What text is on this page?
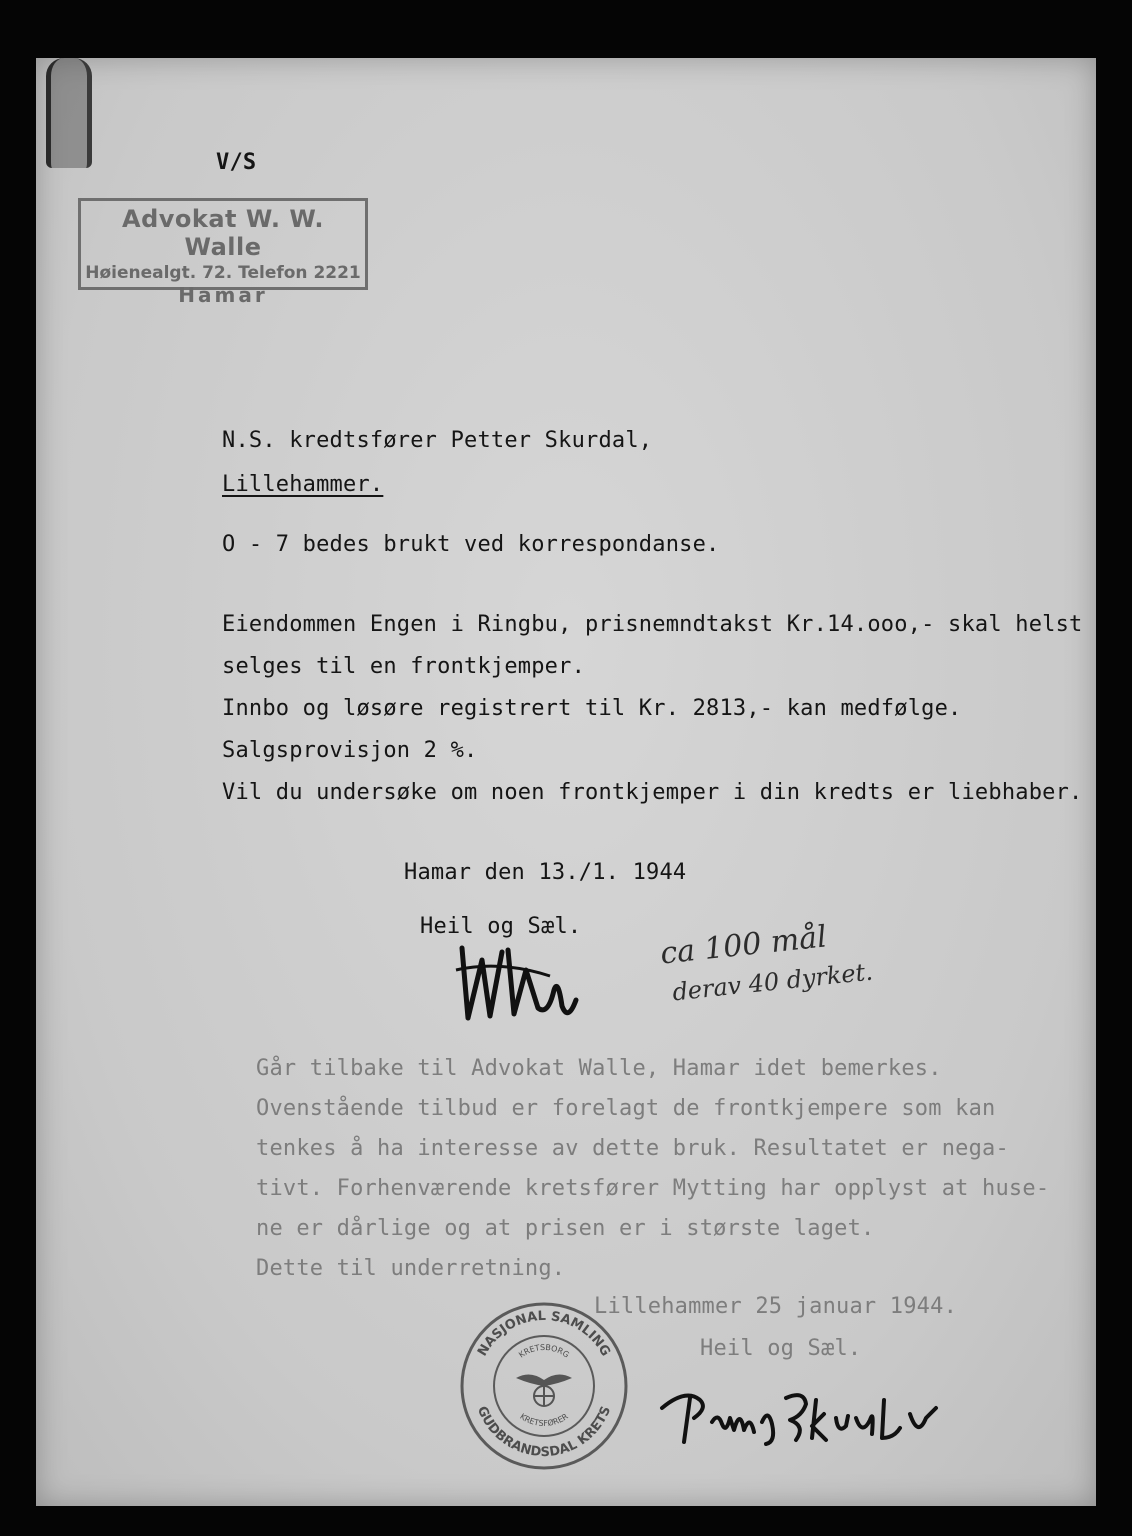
V/S
Advokat W. W. Walle
Høienealgt. 72. Telefon 2221
Hamar
N.S. kredtsfører Petter Skurdal,
Lillehammer.
O - 7 bedes brukt ved korrespondanse.
Eiendommen Engen i Ringbu, prisnemndtakst Kr.14.ooo,- skal helst
selges til en frontkjemper.
Innbo og løsøre registrert til Kr. 2813,- kan medfølge.
Salgsprovisjon 2 %.
Vil du undersøke om noen frontkjemper i din kredts er liebhaber.
Hamar den 13./1. 1944
Heil og Sæl.	ca 100 mål
derav 40 dyrket.
Går tilbake til Advokat Walle, Hamar idet bemerkes.
Ovenstående tilbud er forelagt de frontkjempere som kan
tenkes å ha interesse av dette bruk. Resultatet er nega-
tivt. Forhenværende kretsfører Mytting har opplyst at huse-
ne er dårlige og at prisen er i største laget.
Dette til underretning.
Lillehammer 25 januar 1944.
Heil og Sæl.
NASJONAL SAMLING
GUDBRANDSDAL KRETS
KRETSBORG
KRETSFØRER
